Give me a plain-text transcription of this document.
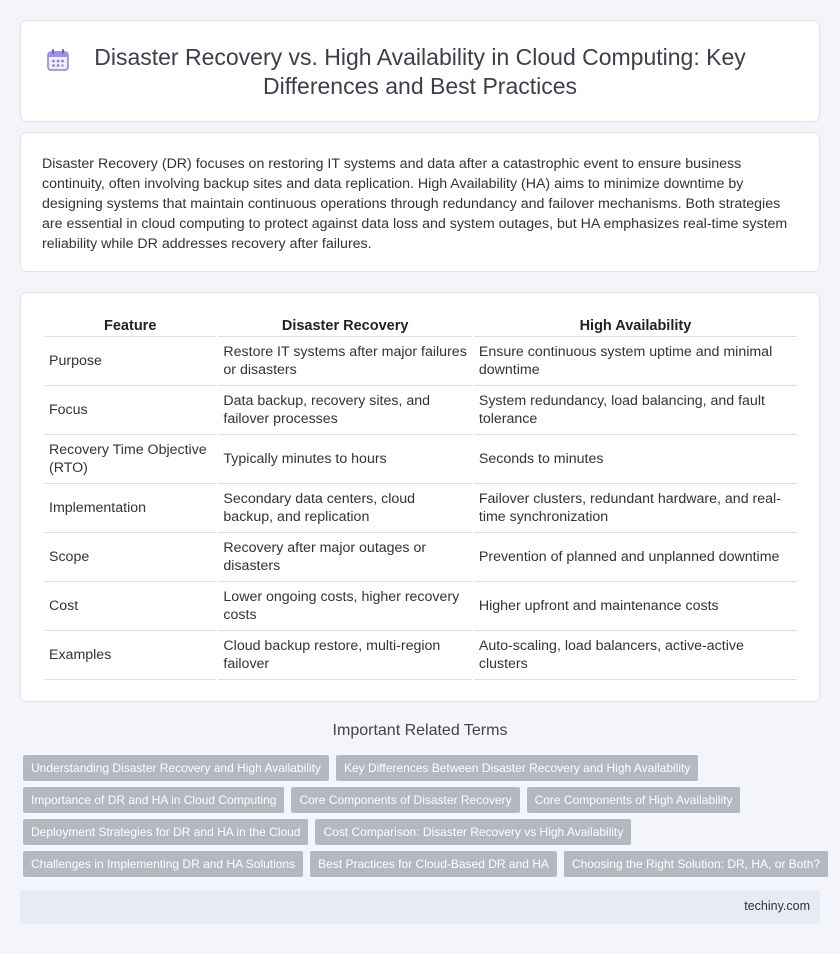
Disaster Recovery vs. High Availability in Cloud Computing: Key Differences and Best Practices

Disaster Recovery (DR) focuses on restoring IT systems and data after a catastrophic event to ensure business continuity, often involving backup sites and data replication. High Availability (HA) aims to minimize downtime by designing systems that maintain continuous operations through redundancy and failover mechanisms. Both strategies are essential in cloud computing to protect against data loss and system outages, but HA emphasizes real-time system reliability while DR addresses recovery after failures.

Feature	Disaster Recovery	High Availability
Purpose	Restore IT systems after major failures or disasters	Ensure continuous system uptime and minimal downtime
Focus	Data backup, recovery sites, and failover processes	System redundancy, load balancing, and fault tolerance
Recovery Time Objective (RTO)	Typically minutes to hours	Seconds to minutes
Implementation	Secondary data centers, cloud backup, and replication	Failover clusters, redundant hardware, and real-time synchronization
Scope	Recovery after major outages or disasters	Prevention of planned and unplanned downtime
Cost	Lower ongoing costs, higher recovery costs	Higher upfront and maintenance costs
Examples	Cloud backup restore, multi-region failover	Auto-scaling, load balancers, active-active clusters
Important Related Terms
Understanding Disaster Recovery and High Availability	Key Differences Between Disaster Recovery and High Availability
Importance of DR and HA in Cloud Computing	Core Components of Disaster Recovery	Core Components of High Availability
Deployment Strategies for DR and HA in the Cloud	Cost Comparison: Disaster Recovery vs High Availability
Challenges in Implementing DR and HA Solutions	Best Practices for Cloud-Based DR and HA	Choosing the Right Solution: DR, HA, or Both?
techiny.com
